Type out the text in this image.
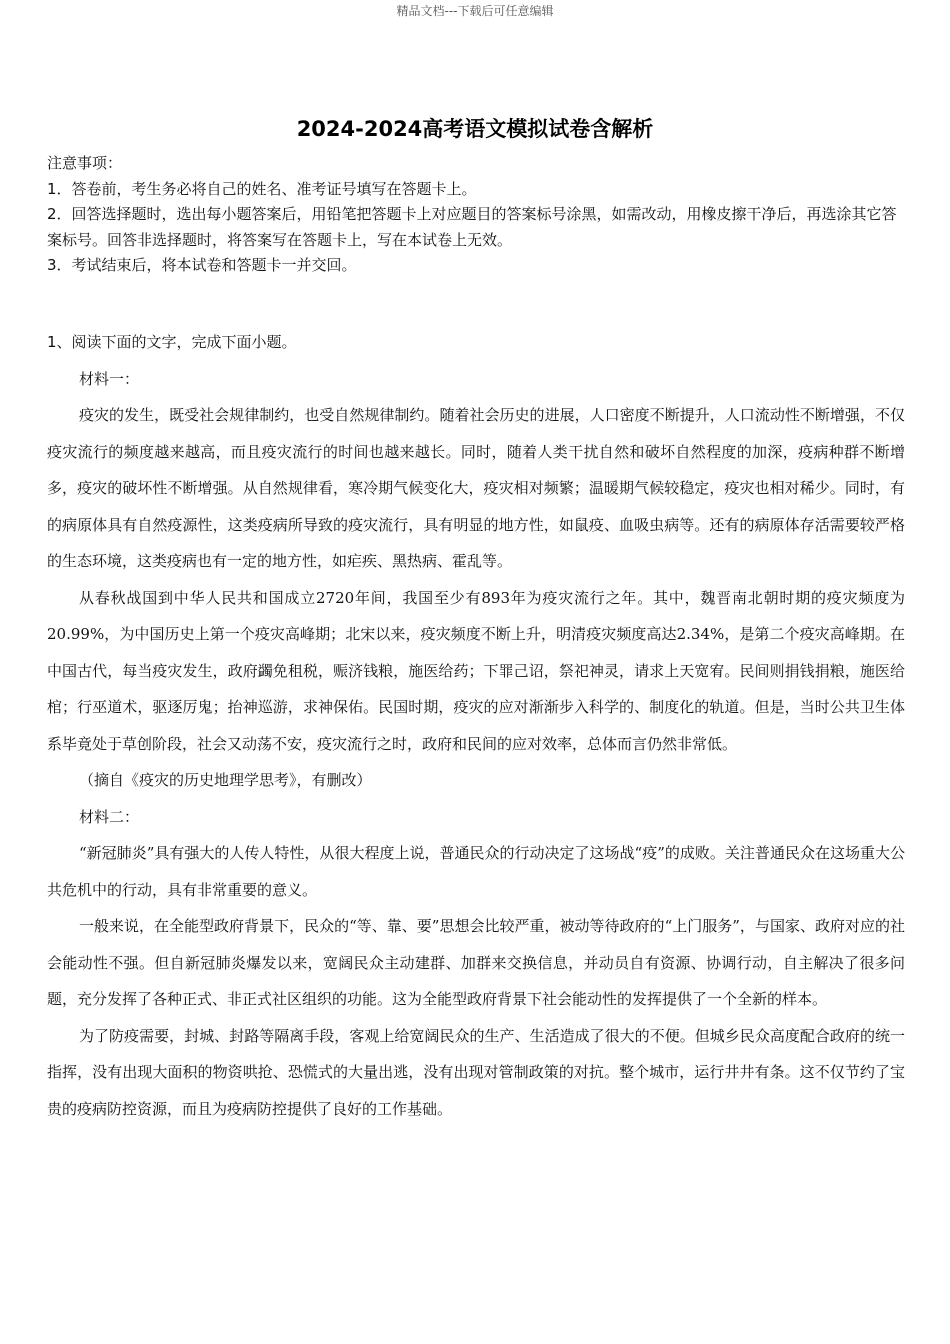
精品文档---下载后可任意编辑
2024-2024高考语文模拟试卷含解析

注意事项：

1．答卷前，考生务必将自己的姓名、准考证号填写在答题卡上。

2．回答选择题时，选出每小题答案后，用铅笔把答题卡上对应题目的答案标号涂黑，如需改动，用橡皮擦干净后，再选涂其它答案标号。回答非选择题时，将答案写在答题卡上，写在本试卷上无效。

3．考试结束后，将本试卷和答题卡一并交回。

1、阅读下面的文字，完成下面小题。

材料一：

疫灾的发生，既受社会规律制约，也受自然规律制约。随着社会历史的进展，人口密度不断提升，人口流动性不断增强，不仅疫灾流行的频度越来越高，而且疫灾流行的时间也越来越长。同时，随着人类干扰自然和破坏自然程度的加深，疫病种群不断增多，疫灾的破坏性不断增强。从自然规律看，寒冷期气候变化大，疫灾相对频繁；温暖期气候较稳定，疫灾也相对稀少。同时，有的病原体具有自然疫源性，这类疫病所导致的疫灾流行，具有明显的地方性，如鼠疫、血吸虫病等。还有的病原体存活需要较严格的生态环境，这类疫病也有一定的地方性，如疟疾、黑热病、霍乱等。

从春秋战国到中华人民共和国成立2720年间，我国至少有893年为疫灾流行之年。其中，魏晋南北朝时期的疫灾频度为20.99%，为中国历史上第一个疫灾高峰期；北宋以来，疫灾频度不断上升，明清疫灾频度高达2.34%，是第二个疫灾高峰期。在中国古代，每当疫灾发生，政府蠲免租税，赈济钱粮，施医给药；下罪己诏，祭祀神灵，请求上天宽宥。民间则捐钱捐粮，施医给棺；行巫道术，驱逐厉鬼；抬神巡游，求神保佑。民国时期，疫灾的应对渐渐步入科学的、制度化的轨道。但是，当时公共卫生体系毕竟处于草创阶段，社会又动荡不安，疫灾流行之时，政府和民间的应对效率，总体而言仍然非常低。

（摘自《疫灾的历史地理学思考》，有删改）

材料二：

“新冠肺炎”具有强大的人传人特性，从很大程度上说，普通民众的行动决定了这场战“疫”的成败。关注普通民众在这场重大公共危机中的行动，具有非常重要的意义。

一般来说，在全能型政府背景下，民众的“等、靠、要”思想会比较严重，被动等待政府的“上门服务”，与国家、政府对应的社会能动性不强。但自新冠肺炎爆发以来，宽阔民众主动建群、加群来交换信息，并动员自有资源、协调行动，自主解决了很多问题，充分发挥了各种正式、非正式社区组织的功能。这为全能型政府背景下社会能动性的发挥提供了一个全新的样本。

为了防疫需要，封城、封路等隔离手段，客观上给宽阔民众的生产、生活造成了很大的不便。但城乡民众高度配合政府的统一指挥，没有出现大面积的物资哄抢、恐慌式的大量出逃，没有出现对管制政策的对抗。整个城市，运行井井有条。这不仅节约了宝贵的疫病防控资源，而且为疫病防控提供了良好的工作基础。
